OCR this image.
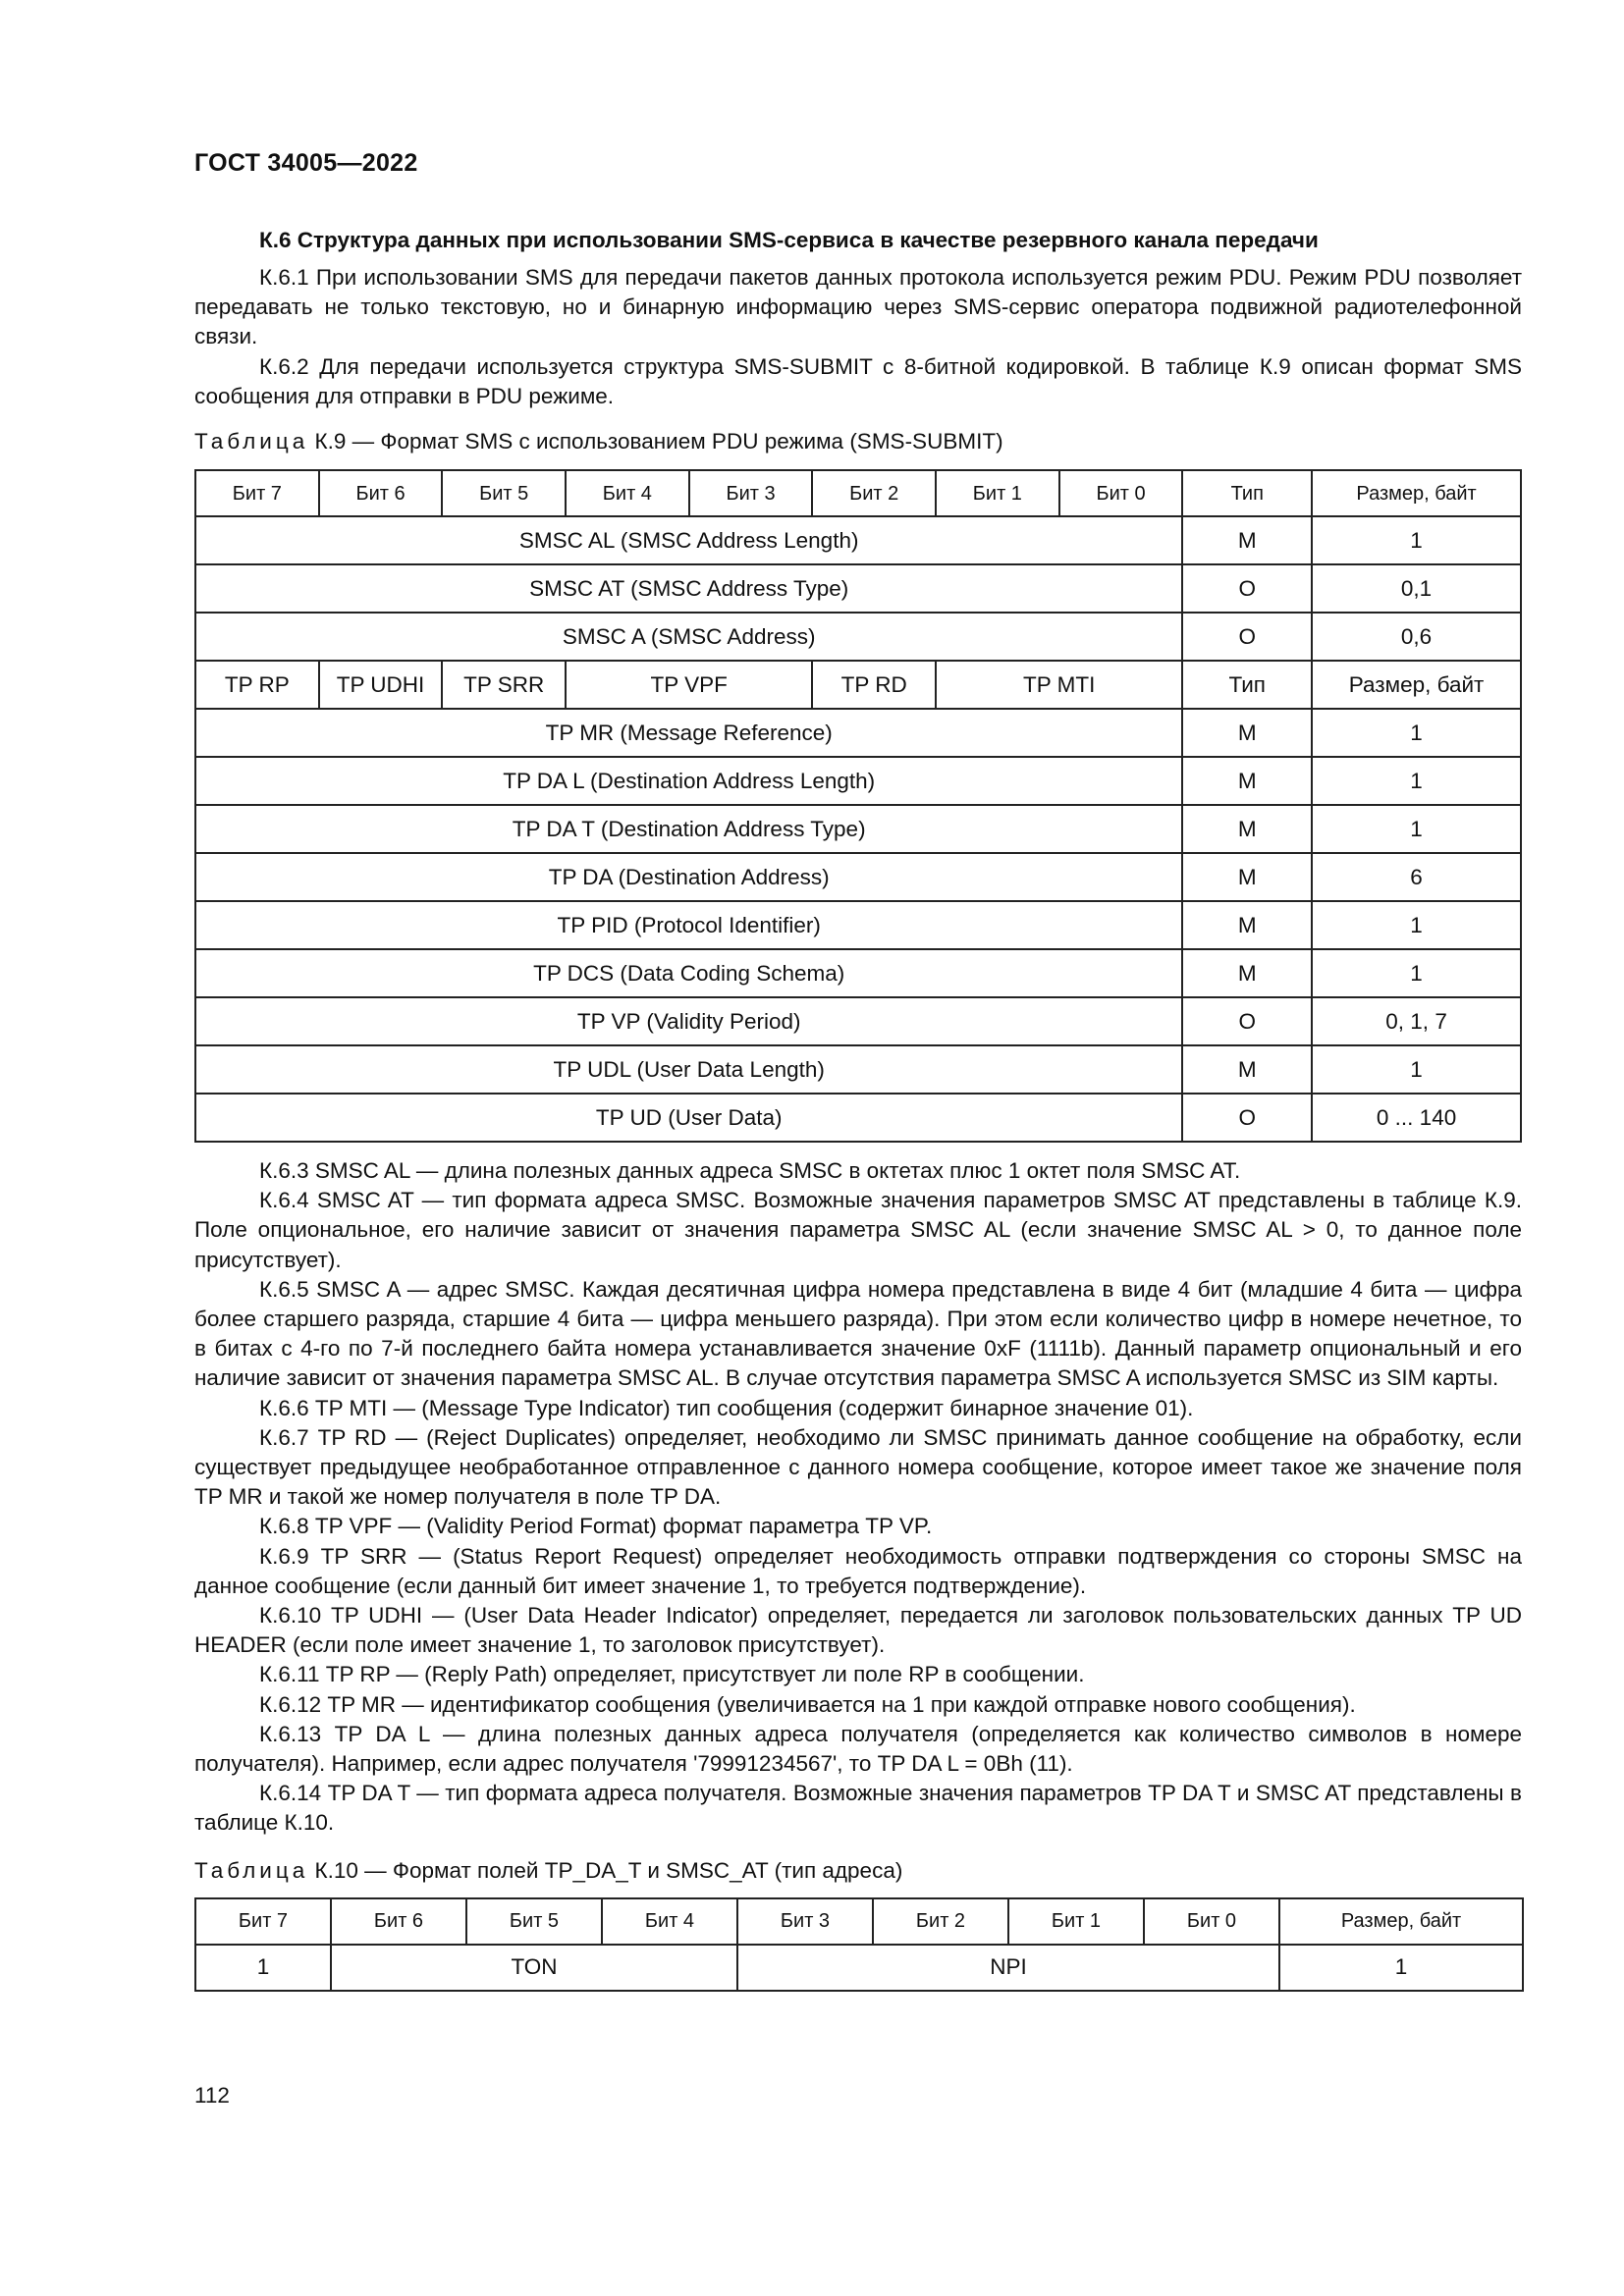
ГОСТ 34005—2022
К.6 Структура данных при использовании SMS-сервиса в качестве резервного канала передачи

К.6.1 При использовании SMS для передачи пакетов данных протокола используется режим PDU. Режим PDU позволяет передавать не только текстовую, но и бинарную информацию через SMS-сервис оператора подвижной радиотелефонной связи.

К.6.2 Для передачи используется структура SMS-SUBMIT с 8-битной кодировкой. В таблице К.9 описан формат SMS сообщения для отправки в PDU режиме.

Таблица К.9 — Формат SMS с использованием PDU режима (SMS-SUBMIT)
Бит 7	Бит 6	Бит 5	Бит 4	Бит 3	Бит 2	Бит 1	Бит 0	Тип	Размер, байт
SMSC AL (SMSC Address Length)								M	1
SMSC AT (SMSC Address Type)								O	0,1
SMSC A (SMSC Address)								O	0,6
TP RP	TP UDHI	TP SRR	TP VPF		TP RD	TP MTI		Тип	Размер, байт
TP MR (Message Reference)								M	1
TP DA L (Destination Address Length)								M	1
TP DA T (Destination Address Type)								M	1
TP DA (Destination Address)								M	6
TP PID (Protocol Identifier)								M	1
TP DCS (Data Coding Schema)								M	1
TP VP (Validity Period)								O	0, 1, 7
TP UDL (User Data Length)								M	1
TP UD (User Data)								O	0 ... 140

К.6.3 SMSC AL — длина полезных данных адреса SMSC в октетах плюс 1 октет поля SMSC AT.

К.6.4 SMSC AT — тип формата адреса SMSC. Возможные значения параметров SMSC AT представлены в таблице К.9. Поле опциональное, его наличие зависит от значения параметра SMSC AL (если значение SMSC AL > 0, то данное поле присутствует).

К.6.5 SMSC A — адрес SMSC. Каждая десятичная цифра номера представлена в виде 4 бит (младшие 4 бита — цифра более старшего разряда, старшие 4 бита — цифра меньшего разряда). При этом если количество цифр в номере нечетное, то в битах с 4-го по 7-й последнего байта номера устанавливается значение 0xF (1111b). Данный параметр опциональный и его наличие зависит от значения параметра SMSC AL. В случае отсутствия параметра SMSC A используется SMSC из SIM карты.

К.6.6 TP MTI — (Message Type Indicator) тип сообщения (содержит бинарное значение 01).

К.6.7 TP RD — (Reject Duplicates) определяет, необходимо ли SMSC принимать данное сообщение на обработку, если существует предыдущее необработанное отправленное с данного номера сообщение, которое имеет такое же значение поля TP MR и такой же номер получателя в поле TP DA.

К.6.8 TP VPF — (Validity Period Format) формат параметра TP VP.

К.6.9 TP SRR — (Status Report Request) определяет необходимость отправки подтверждения со стороны SMSC на данное сообщение (если данный бит имеет значение 1, то требуется подтверждение).

К.6.10 TP UDHI — (User Data Header Indicator) определяет, передается ли заголовок пользовательских данных TP UD HEADER (если поле имеет значение 1, то заголовок присутствует).

К.6.11 TP RP — (Reply Path) определяет, присутствует ли поле RP в сообщении.

К.6.12 TP MR — идентификатор сообщения (увеличивается на 1 при каждой отправке нового сообщения).

К.6.13 TP DA L — длина полезных данных адреса получателя (определяется как количество символов в номере получателя). Например, если адрес получателя '79991234567', то TP DA L = 0Bh (11).

К.6.14 TP DA T — тип формата адреса получателя. Возможные значения параметров TP DA T и SMSC AT представлены в таблице К.10.

Таблица К.10 — Формат полей TP_DA_T и SMSC_AT (тип адреса)
Бит 7	Бит 6	Бит 5	Бит 4	Бит 3	Бит 2	Бит 1	Бит 0	Размер, байт
1	TON			NPI				1
112
